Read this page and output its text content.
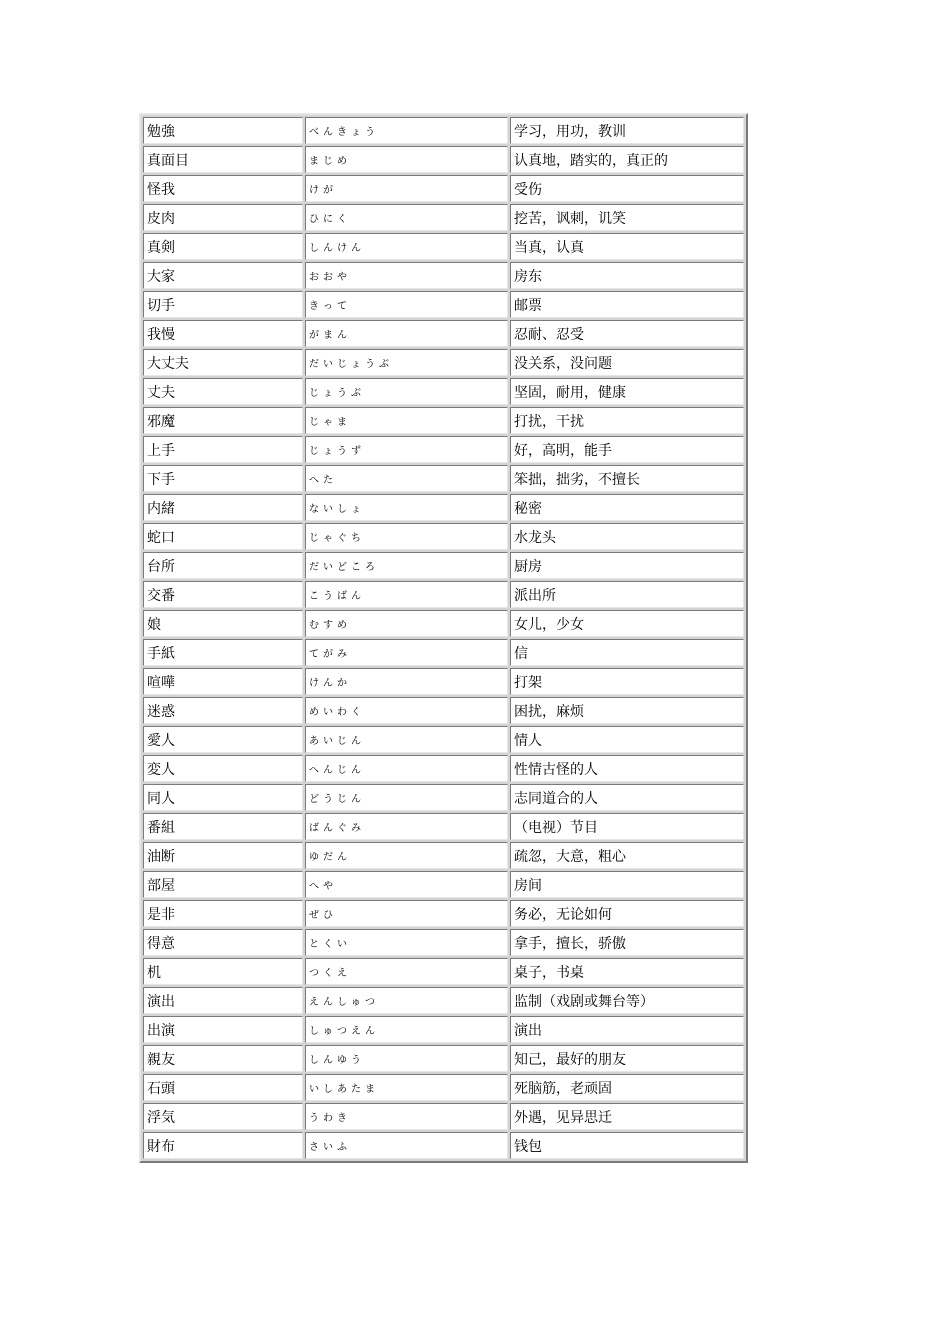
勉強	べんきょう	学习，用功，教训
真面目	まじめ	认真地，踏实的，真正的
怪我	けが	受伤
皮肉	ひにく	挖苦，讽刺，讥笑
真剣	しんけん	当真，认真
大家	おおや	房东
切手	きって	邮票
我慢	がまん	忍耐、忍受
大丈夫	だいじょうぶ	没关系，没问题
丈夫	じょうぶ	坚固，耐用，健康
邪魔	じゃま	打扰，干扰
上手	じょうず	好，高明，能手
下手	へた	笨拙，拙劣，不擅长
内緒	ないしょ	秘密
蛇口	じゃぐち	水龙头
台所	だいどころ	厨房
交番	こうばん	派出所
娘	むすめ	女儿，少女
手紙	てがみ	信
喧嘩	けんか	打架
迷惑	めいわく	困扰，麻烦
愛人	あいじん	情人
変人	へんじん	性情古怪的人
同人	どうじん	志同道合的人
番組	ばんぐみ	（电视）节目
油断	ゆだん	疏忽，大意，粗心
部屋	へや	房间
是非	ぜひ	务必，无论如何
得意	とくい	拿手，擅长，骄傲
机	つくえ	桌子，书桌
演出	えんしゅつ	监制（戏剧或舞台等）
出演	しゅつえん	演出
親友	しんゆう	知己，最好的朋友
石頭	いしあたま	死脑筋，老顽固
浮気	うわき	外遇，见异思迁
財布	さいふ	钱包
